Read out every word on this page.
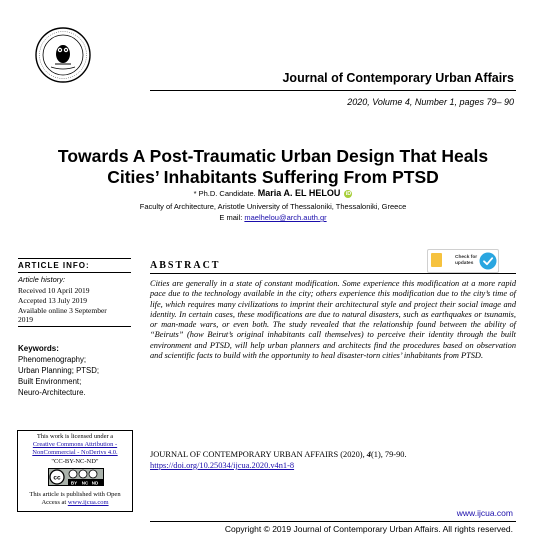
Journal of Contemporary Urban Affairs
2020, Volume 4, Number 1, pages 79– 90
Towards A Post-Traumatic Urban Design That Heals
Cities’ Inhabitants Suffering From PTSD
* Ph.D. Candidate. Maria A. EL HELOU iD
Faculty of Architecture, Aristotle University of Thessaloniki, Thessaloniki, Greece
E mail: maelhelou@arch.auth.gr
ARTICLE INFO:
Article history:
Received 10 April 2019
Accepted 13 July 2019
Available online 3 September
2019
Keywords:
Phenomenography;
Urban Planning; PTSD;
Built Environment;
Neuro-Architecture.
Check for
updates
ABSTRACT
Cities are generally in a state of constant modification. Some experience this modification at a more rapid pace due to the technology available in the city; others experience this modification due to the city’s time of life, which requires many civilizations to imprint their architectural style and project their social image and identity. In certain cases, these modifications are due to natural disasters, such as earthquakes or tsunamis, or man-made wars, or even both. The study revealed that the relationship found between the ability of “Beiruts” (how Beirut’s original inhabitants call themselves) to perceive their identity through the built environment and PTSD, will help urban planners and architects find the procedures based on observation and scientific facts to build with the opportunity to heal disaster-torn cities’ inhabitants from PTSD.
This work is licensed under a
Creative Commons Attribution -
NonCommercial - NoDerivs 4.0.
"CC-BY-NC-ND"
cc
BY NC ND
This article is published with Open
Access at www.ijcua.com
JOURNAL OF CONTEMPORARY URBAN AFFAIRS (2020), 4(1), 79-90.
https://doi.org/10.25034/ijcua.2020.v4n1-8
www.ijcua.com
Copyright © 2019 Journal of Contemporary Urban Affairs. All rights reserved.
